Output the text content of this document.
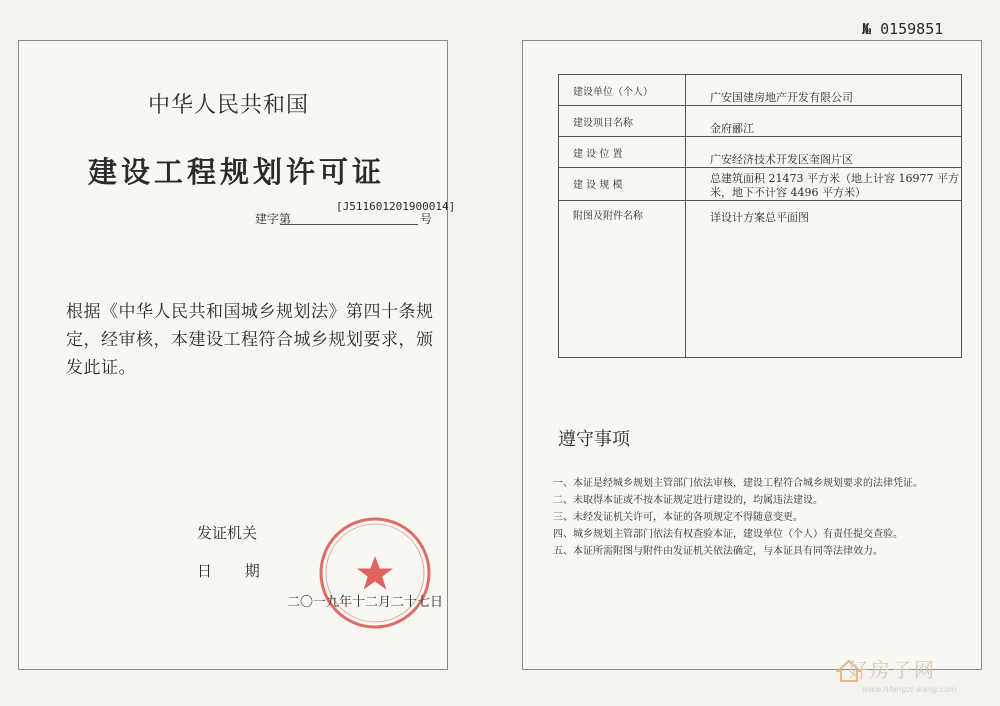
中华人民共和国
建设工程规划许可证
[J511601201900014]
建字第	号
根据《中华人民共和国城乡规划法》第四十条规定，经审核，本建设工程符合城乡规划要求，颁发此证。
发证机关
日 期
二〇一九年十二月二十七日
№ 0159851
建设单位（个人）	广安国建房地产开发有限公司
建设项目名称	金府郦江
建 设 位 置	广安经济技术开发区奎阁片区
建 设 规 模	总建筑面积 21473 平方米（地上计容 16977 平方米，地下不计容 4496 平方米）
附图及附件名称	详设计方案总平面图
遵守事项

一、本证是经城乡规划主管部门依法审核，建设工程符合城乡规划要求的法律凭证。

二、未取得本证或不按本证规定进行建设的，均属违法建设。

三、未经发证机关许可，本证的各项规定不得随意变更。

四、城乡规划主管部门依法有权查验本证，建设单位（个人）有责任提交查验。

五、本证所需附图与附件由发证机关依法确定，与本证具有同等法律效力。

好房子网
www.hfangzi wang.com
